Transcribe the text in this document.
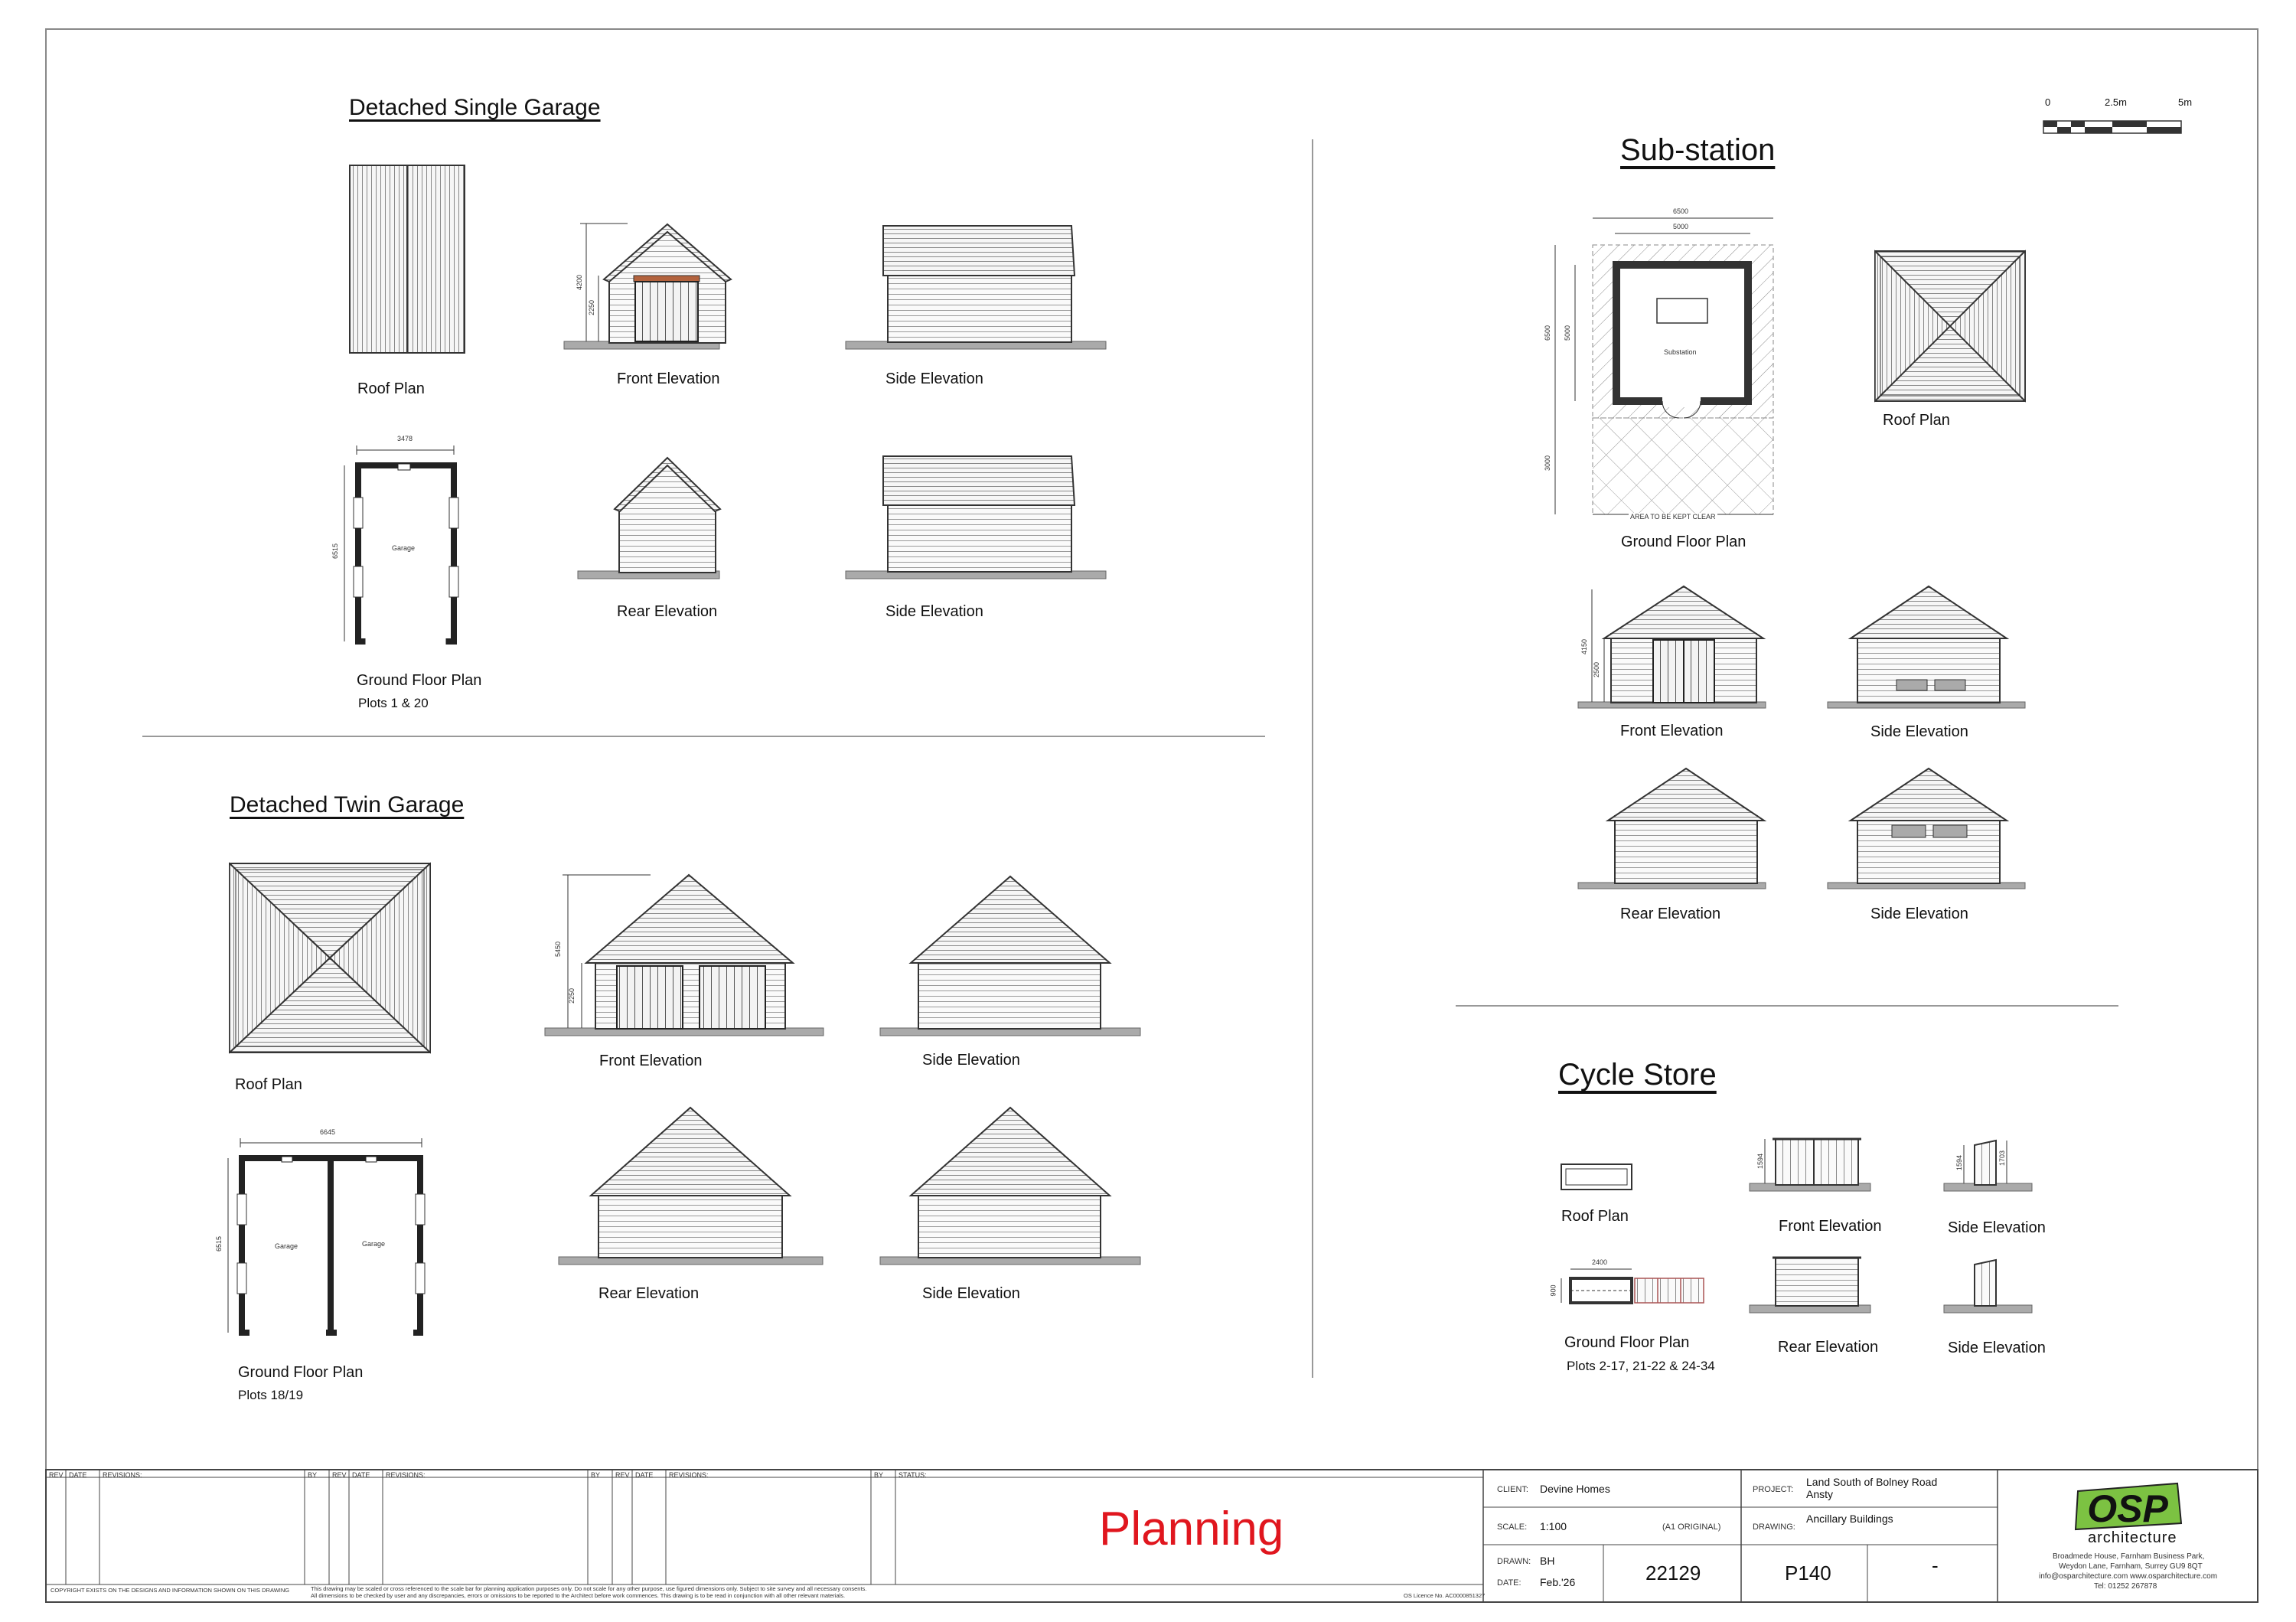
OSP
Detached Single Garage
Detached Twin Garage
Sub-station
Cycle Store
0	2.5m	5m
Roof Plan
Front Elevation	Side Elevation
Rear Elevation	Side Elevation
Ground Floor Plan
Plots 1 & 20
Garage
3478
6515
4200
2250
Roof Plan
Front Elevation	Side Elevation
Rear Elevation	Side Elevation
Ground Floor Plan
Plots 18/19
Garage	Garage
6645
6515
5450
2250
Ground Floor Plan
Roof Plan
Front Elevation	Side Elevation
Rear Elevation	Side Elevation
Substation
AREA TO BE KEPT CLEAR
6500
5000
6500 5000
3000
4150
2500
Roof Plan
Front Elevation	Side Elevation
Ground Floor Plan
Plots 2-17, 21-22 & 24-34
Rear Elevation	Side Elevation
2400
900
1594	1594	1703
REV DATE REVISIONS:	BY REV DATE REVISIONS:	BY REV DATE REVISIONS:	BY STATUS:
Planning
COPYRIGHT EXISTS ON THE DESIGNS AND INFORMATION SHOWN ON THIS DRAWING	This drawing may be scaled or cross referenced to the scale bar for planning application purposes only. Do not scale for any other purpose, use figured dimensions only. Subject to site survey and all necessary consents.
All dimensions to be checked by user and any discrepancies, errors or omissions to be reported to the Architect before work commences. This drawing is to be read in conjunction with all other relevant materials.	OS Licence No. AC0000851327
CLIENT: Devine Homes	PROJECT:
Land South of Bolney Road
Ansty
SCALE: 1:100	(A1 ORIGINAL)	DRAWING:
Ancillary Buildings
DRAWN: BH
DATE: Feb.'26	22129	P140	-
architecture
Broadmede House, Farnham Business Park,
Weydon Lane, Farnham, Surrey GU9 8QT
info@osparchitecture.com www.osparchitecture.com
Tel: 01252 267878
